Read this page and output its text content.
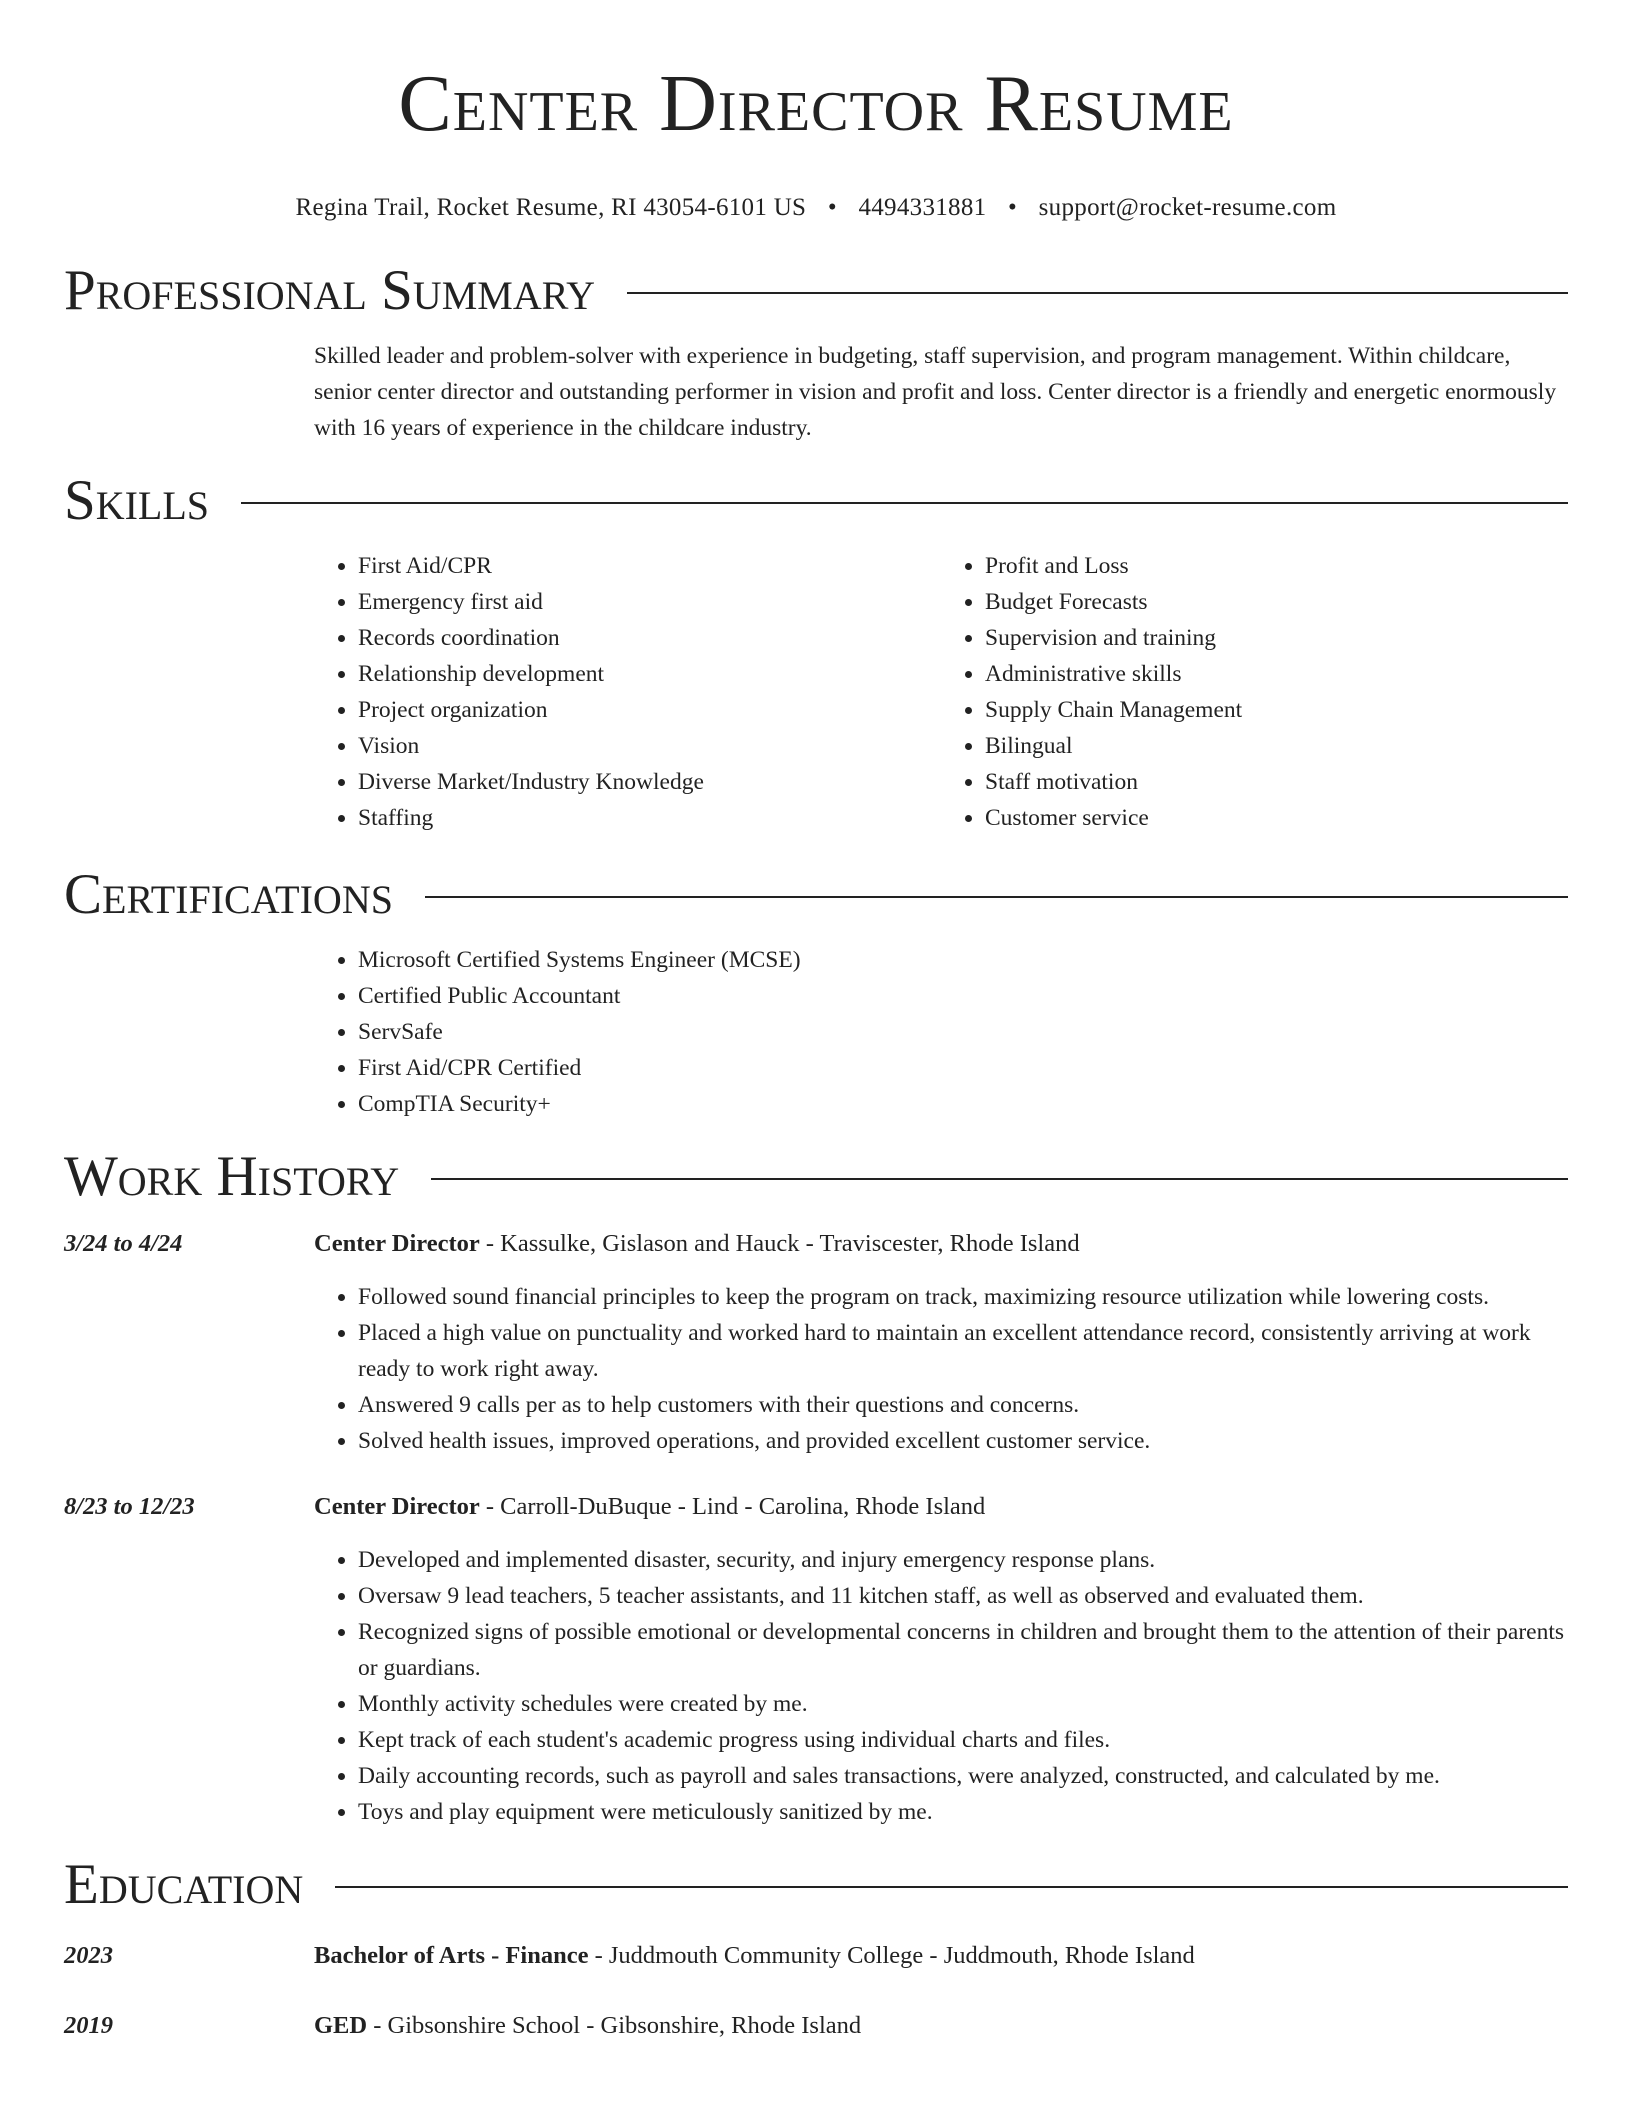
Center Director Resume
Regina Trail, Rocket Resume, RI 43054-6101 US • 4494331881 • support@rocket-resume.com
Professional Summary

Skilled leader and problem-solver with experience in budgeting, staff supervision, and program management. Within childcare, senior center director and outstanding performer in vision and profit and loss. Center director is a friendly and energetic enormously with 16 years of experience in the childcare industry.

Skills
• First Aid/CPR
• Emergency first aid
• Records coordination
• Relationship development
• Project organization
• Vision
• Diverse Market/Industry Knowledge
• Staffing
• Profit and Loss
• Budget Forecasts
• Supervision and training
• Administrative skills
• Supply Chain Management
• Bilingual
• Staff motivation
• Customer service
Certifications
• Microsoft Certified Systems Engineer (MCSE)
• Certified Public Accountant
• ServSafe
• First Aid/CPR Certified
• CompTIA Security+
Work History
3/24 to 4/24	Center Director - Kassulke, Gislason and Hauck - Traviscester, Rhode Island
• Followed sound financial principles to keep the program on track, maximizing resource utilization while lowering costs.
• Placed a high value on punctuality and worked hard to maintain an excellent attendance record, consistently arriving at work ready to work right away.
• Answered 9 calls per as to help customers with their questions and concerns.
• Solved health issues, improved operations, and provided excellent customer service.
8/23 to 12/23	Center Director - Carroll-DuBuque - Lind - Carolina, Rhode Island
• Developed and implemented disaster, security, and injury emergency response plans.
• Oversaw 9 lead teachers, 5 teacher assistants, and 11 kitchen staff, as well as observed and evaluated them.
• Recognized signs of possible emotional or developmental concerns in children and brought them to the attention of their parents or guardians.
• Monthly activity schedules were created by me.
• Kept track of each student's academic progress using individual charts and files.
• Daily accounting records, such as payroll and sales transactions, were analyzed, constructed, and calculated by me.
• Toys and play equipment were meticulously sanitized by me.
Education
2023	Bachelor of Arts - Finance - Juddmouth Community College - Juddmouth, Rhode Island
2019	GED - Gibsonshire School - Gibsonshire, Rhode Island
